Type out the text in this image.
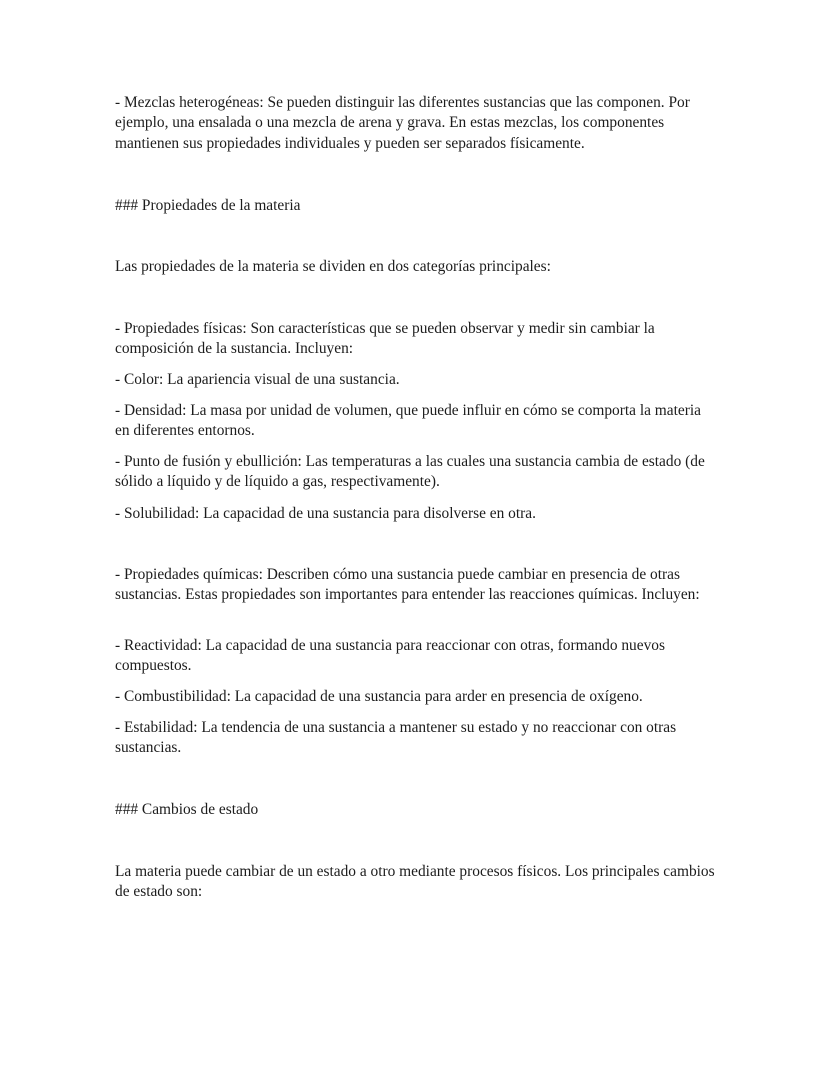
- Mezclas heterogéneas: Se pueden distinguir las diferentes sustancias que las componen. Por ejemplo, una ensalada o una mezcla de arena y grava. En estas mezclas, los componentes mantienen sus propiedades individuales y pueden ser separados físicamente.

### Propiedades de la materia

Las propiedades de la materia se dividen en dos categorías principales:

- Propiedades físicas: Son características que se pueden observar y medir sin cambiar la composición de la sustancia. Incluyen:

- Color: La apariencia visual de una sustancia.

- Densidad: La masa por unidad de volumen, que puede influir en cómo se comporta la materia en diferentes entornos.

- Punto de fusión y ebullición: Las temperaturas a las cuales una sustancia cambia de estado (de sólido a líquido y de líquido a gas, respectivamente).

- Solubilidad: La capacidad de una sustancia para disolverse en otra.

- Propiedades químicas: Describen cómo una sustancia puede cambiar en presencia de otras sustancias. Estas propiedades son importantes para entender las reacciones químicas. Incluyen:

- Reactividad: La capacidad de una sustancia para reaccionar con otras, formando nuevos compuestos.

- Combustibilidad: La capacidad de una sustancia para arder en presencia de oxígeno.

- Estabilidad: La tendencia de una sustancia a mantener su estado y no reaccionar con otras sustancias.

### Cambios de estado

La materia puede cambiar de un estado a otro mediante procesos físicos. Los principales cambios de estado son:
